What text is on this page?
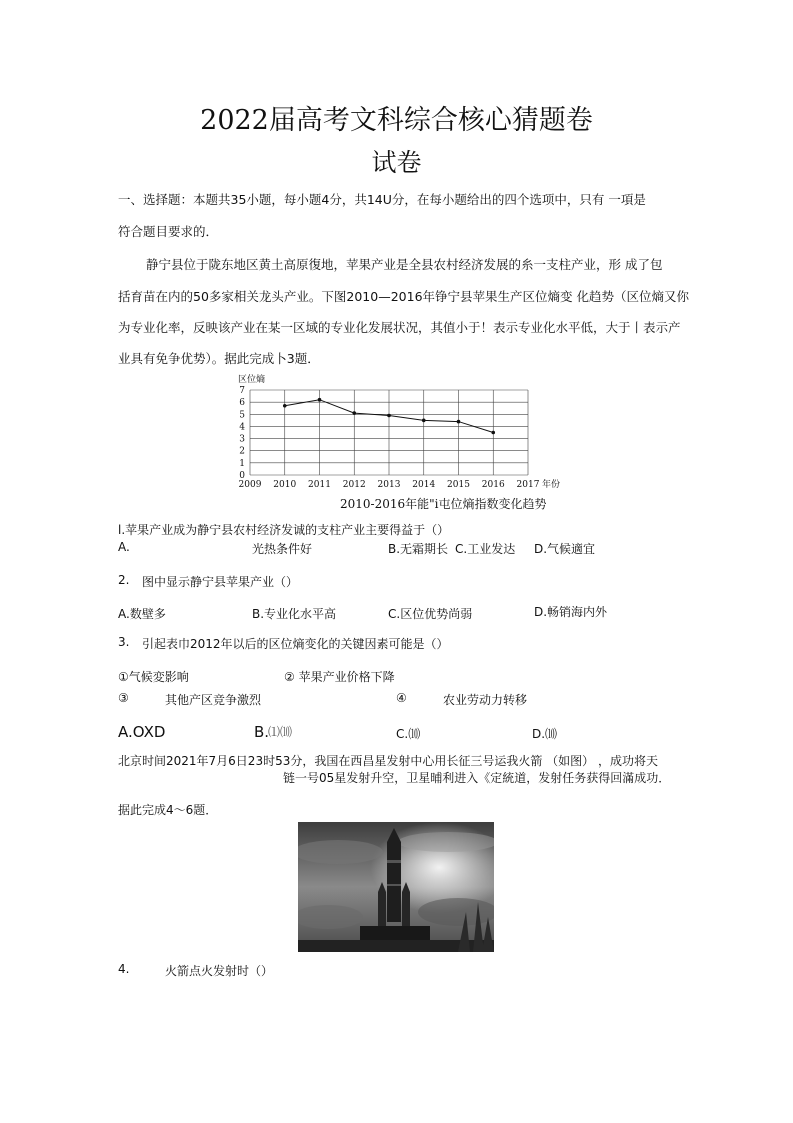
2022届高考文科综合核心猜题卷
试卷
一、选择题：本题共35小题，每小题4分，共14U分，在每小题给出的四个选项中，只有 一項是
符合题目要求的．
静宁县位于陇东地区黄土高原復地，苹果产业是全县农村经济发展的糸一支柱产业，形 成了包
括育苗在内的50多家相关龙头产业。下图2010—2016年铮宁县苹果生产区位熵变 化趋势（区位熵又你
为专业化率，反映该产业在某一区域的专业化发展状况，其值小于！表示专业化水平低，大于丨表示产
业具有免争优势）。据此完成卜3题．
0
1
2
3
4
5
6
7
2009 2010 2011 2012 2013 2014 2015 2016 2017
区位熵
年份
2010-2016年能"i屯位熵指数变化趋势
l.苹果产业成为静宁县农村经济发诚的支柱产业主要得益于（）
A.	光热条件好	B.无霜期长 C.工业发达 D.气候適宜
2. 图中显示静宁县苹果产业（）
A.数壁多	B.专业化水平高	C.区位优势尚弱	D.畅销海内外
3. 引起表巾2012年以后的区位熵变化的关键因素可能是（）
①气候変影响	② 苹果产业价格下降
③	其他产区竞争激烈	④	农业劳动力转移
A.OXD	B.
⑴⑽	C.⑽	D.⑽
北京时间2021年7月6日23时53分，我国在西昌星发射中心用长征三号运我火箭 （如图） ，成功将天
链一号05星发射升空，卫星晡利进入《定統道，发射任务获得回滿成功．
据此完成4～6题．
4.	火箭点火发射时（）
